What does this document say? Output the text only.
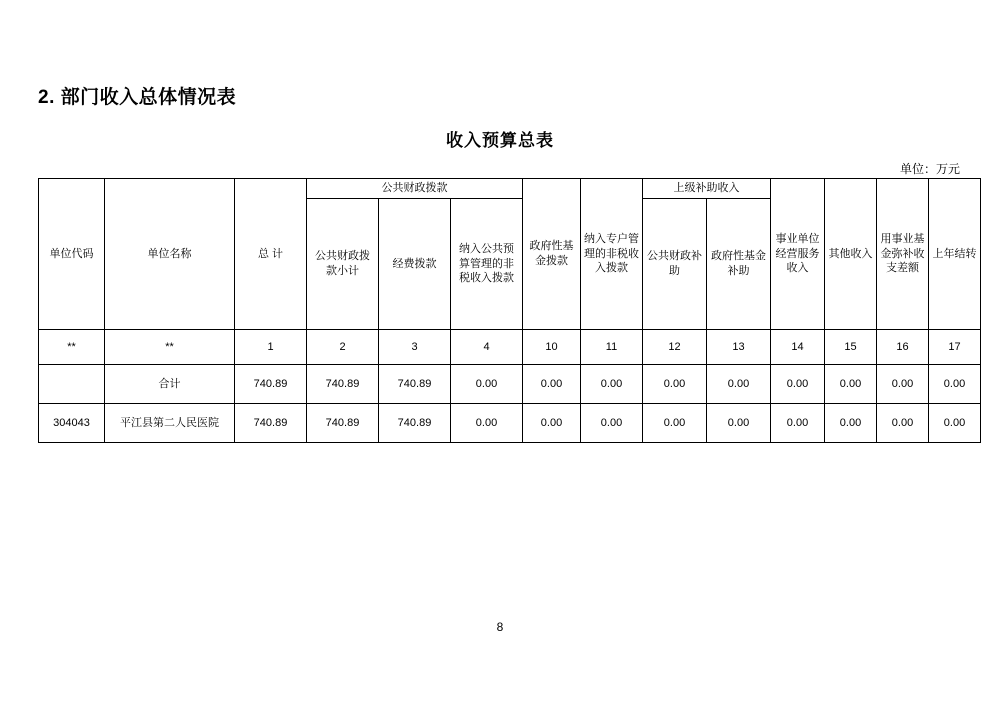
2. 部门收入总体情况表
收入预算总表
单位：万元
单位代码	单位名称	总 计	公共财政拨款			政府性基金拨款	纳入专户管理的非税收入拨款	上级补助收入		事业单位经营服务收入	其他收入	用事业基金弥补收支差额	上年结转
			公共财政拨款小计	经费拨款	纳入公共预算管理的非税收入拨款			公共财政补助	政府性基金补助				

**	**	1	2	3	4	10	11	12	13	14	15	16	17
	合计	740.89	740.89	740.89	0.00	0.00	0.00	0.00	0.00	0.00	0.00	0.00	0.00
304043	平江县第二人民医院	740.89	740.89	740.89	0.00	0.00	0.00	0.00	0.00	0.00	0.00	0.00	0.00
8
